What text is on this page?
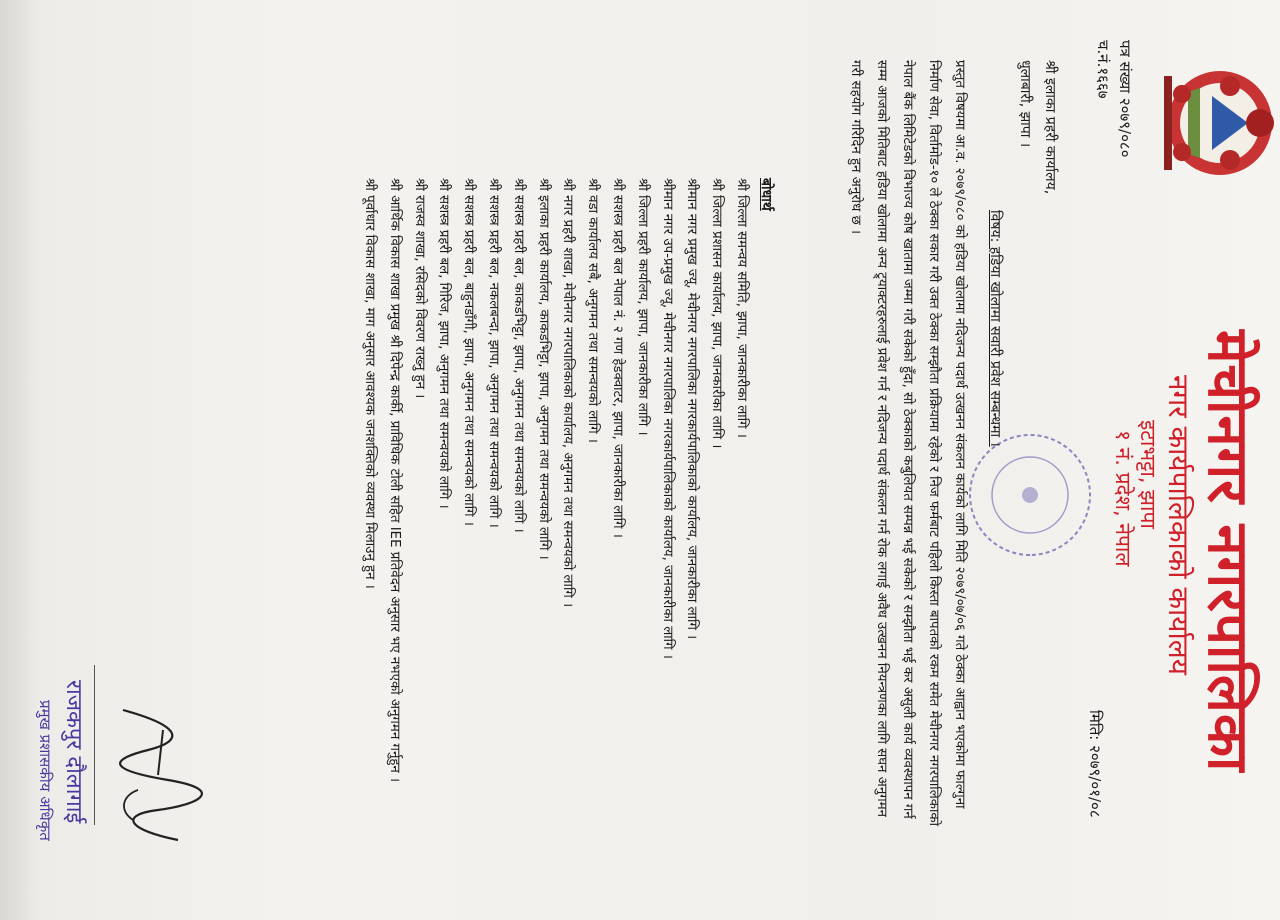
मेचीनगर नगरपालिका
नगर कार्यपालिकाको कार्यालय
इटाभट्टा, झापा
१ नं. प्रदेश, नेपाल
पत्र संख्या २०७९/०८०
च.नं.१६६७
मिति: २०७९/०१/०८
श्री इलाका प्रहरी कार्यालय,
धुलाबारी, झापा ।
विषय: हडिया खोलामा सवारी प्रवेश सम्बन्धमा ।
प्रस्तुत विषयमा आ.व. २०७९/०८० को हडिया खोलामा नदिजन्य पदार्थ उत्खनन संकलन कार्यको लागि मिति २०७९/०७/०६ गते ठेक्का आह्वान भएकोमा फाल्गुना निर्माण सेवा, विर्तामोड-१० ले ठेक्का सकार गरी उक्त ठेक्का सम्झौता प्रक्रियामा रहेको र निज फर्मबाट पहिलो किस्ता बापतको रकम समेत मेचीनगर नगरपालिकाको नेपाल बैंक लिमिटेडको विभाज्य कोष खातामा जम्मा गरी सकेको हुँदा, सो ठेक्काको कबुलियत सम्पन्न भई सकेको र सम्झौता भई कर असुली कार्य व्यवस्थापन गर्न सम्म आजको मितिबाट हडिया खोलामा अन्य ट्र्याक्टरहरुलाई प्रवेश गर्न र नदिजन्य पदार्थ संकलन गर्न रोक लगाई अवैध उत्खनन नियन्त्रणका लागि सघन अनुगमन गरी सहयोग गरिदिन हुन अनुरोध छ ।
बोधार्थ
श्री जिल्ला समन्वय समिति, झापा, जानकारीका लागि ।
श्री जिल्ला प्रशासन कार्यालय, झापा, जानकारीका लागि ।
श्रीमान नगर प्रमुख ज्यू, मेचीनगर नगरपालिका नगरकार्यपालिकाको कार्यालय, जानकारीका लागि ।
श्रीमान नगर उप-प्रमुख ज्यू, मेचीनगर नगरपालिका नगरकार्यपालिकाको कार्यालय, जानकारीका लागि ।
श्री जिल्ला प्रहरी कार्यालय, झापा, जानकारीका लागि ।
श्री सशस्त्र प्रहरी बल नेपाल नं. २ गण हेडक्वाटर, झापा, जानकारीका लागि ।
श्री वडा कार्यालय सबै, अनुगमन तथा समन्वयको लागि ।
श्री नगर प्रहरी शाखा, मेचीनगर नगरपालिकाको कार्यालय, अनुगमन तथा समन्वयको लागि ।
श्री इलाका प्रहरी कार्यालय, काकडभिट्टा, झापा, अनुगमन तथा समन्वयको लागि ।
श्री सशस्त्र प्रहरी बल, काकडभिट्टा, झापा, अनुगमन तथा समन्वयको लागि ।
श्री सशस्त्र प्रहरी बल, नकलबन्दा, झापा, अनुगमन तथा समन्वयको लागि ।
श्री सशस्त्र प्रहरी बल, बाहुनडाँगी, झापा, अनुगमन तथा समन्वयको लागि ।
श्री सशस्त्र प्रहरी बल, गिरिज, झापा, अनुगमन तथा समन्वयको लागि ।
श्री राजस्व शाखा, रसिदको विवरण राख्नु हुन ।
श्री आर्थिक विकास शाखा प्रमुख श्री दिपेन्द्र कार्की, प्राविधिक टोली सहित IEE प्रतिवेदन अनुसार भए नभएको अनुगमन गर्नुहुन ।
श्री पूर्वाधार विकास शाखा, माग अनुसार आवश्यक जनशक्तिको व्यवस्था मिलाउनु हुन ।
राजकपुर दौलागाई
प्रमुख प्रशासकीय अधिकृत
